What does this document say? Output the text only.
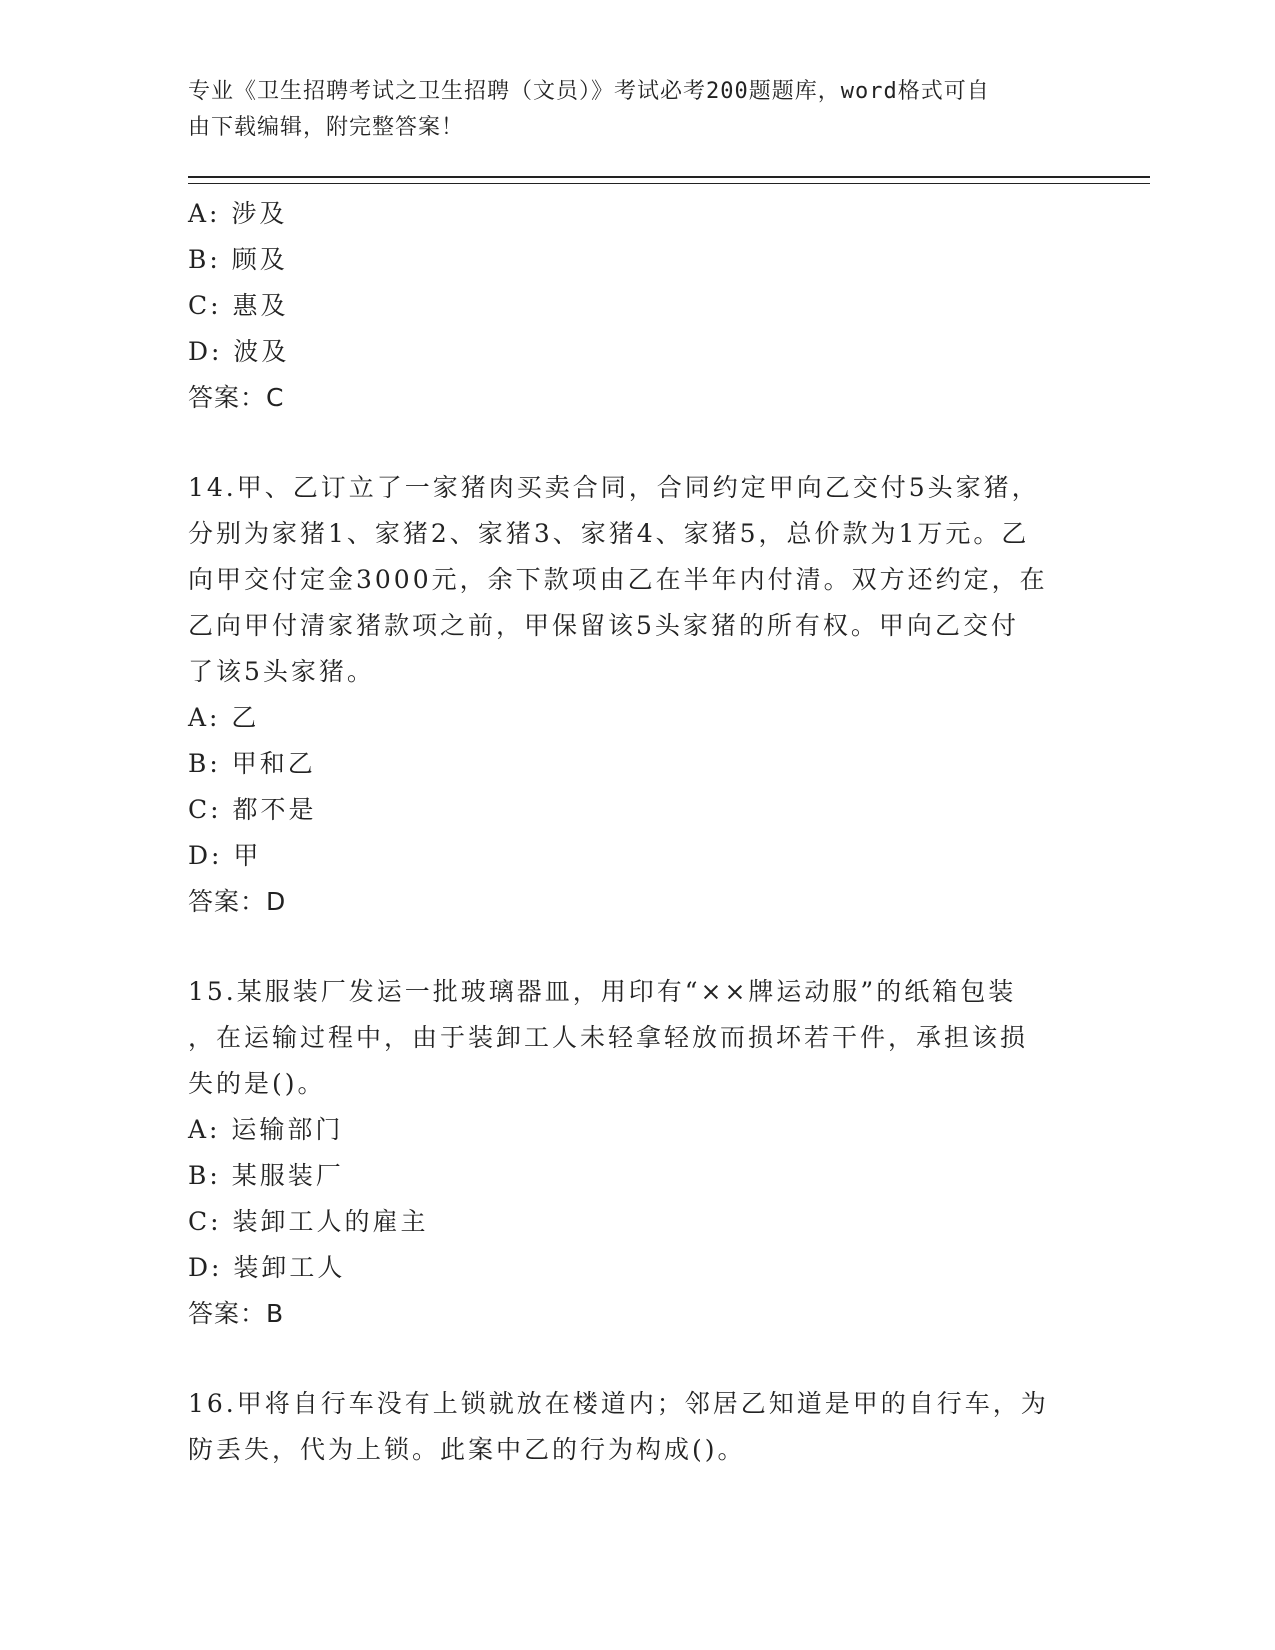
专业《卫生招聘考试之卫生招聘（文员）》考试必考200题题库，word格式可自
由下载编辑，附完整答案！
A: 涉及
B: 顾及
C: 惠及
D: 波及
答案：C
14.甲、乙订立了一家猪肉买卖合同，合同约定甲向乙交付5头家猪，
分别为家猪1、家猪2、家猪3、家猪4、家猪5，总价款为1万元。乙
向甲交付定金3000元，余下款项由乙在半年内付清。双方还约定，在
乙向甲付清家猪款项之前，甲保留该5头家猪的所有权。甲向乙交付
了该5头家猪。
A: 乙
B: 甲和乙
C: 都不是
D: 甲
答案：D
15.某服装厂发运一批玻璃器皿，用印有“××牌运动服”的纸箱包装
，在运输过程中，由于装卸工人未轻拿轻放而损坏若干件，承担该损
失的是()。
A: 运输部门
B: 某服装厂
C: 装卸工人的雇主
D: 装卸工人
答案：B
16.甲将自行车没有上锁就放在楼道内；邻居乙知道是甲的自行车，为
防丢失，代为上锁。此案中乙的行为构成()。
